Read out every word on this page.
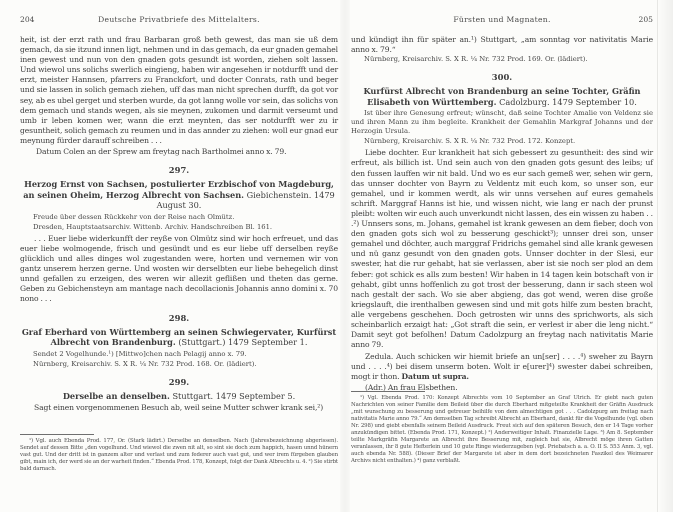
204	Deutsche Privatbriefe des Mittelalters.

heit, ist der erzt rath und frau Barbaran groß beth gewest, das man sie uß dem gemach, da sie itzund innen ligt, nehmen und in das gemach, da eur gnaden gemahel inen gewest und nun von den gnaden gots gesundt ist worden, ziehen solt lassen. Und wiewol uns solichs swerlich eingieng, haben wir angesehen ir notdurfft und der erzt, meister Hannsen, pfarrers zu Franckfort, und docter Conrats, rath und beger und sie lassen in solich gemach ziehen, uff das man nicht sprechen durfft, da got vor sey, ab es ubel gerget und sterben wurde, da got lanng wolle vor sein, das solichs von dem gemach und stands wegen, als sie meynen, zukomen und darmit verseumt und umb ir leben komen wer, wann die erzt meynten, das ser notdurfft wer zu ir gesuntheit, solich gemach zu reumen und in das annder zu ziehen: woll eur gnad eur meynung fürder darauff schreiben . . .

Datum Colen an der Sprew am freytag nach Bartholmei anno x. 79.

297.
Herzog Ernst von Sachsen, postulierter Erzbischof von Magdeburg, an seinen Oheim, Herzog Albrecht von Sachsen. Giebichenstein. 1479 August 30.
Freude über dessen Rückkehr von der Reise nach Olmütz.
Dresden, Hauptstaatsarchiv. Wittenb. Archiv. Handschreiben Bl. 161.

. . . Euer liebe widerkunfft der reyße von Olmütz sind wir hoch erfreuet, und das euer liebe wolmogende, frisch und gesündt und es eur liebe uff derselben reyße glücklich und alles dinges wol zugestanden were, horten und vernemen wir von gantz unserem herzen gerne. Und wosten wir derselbten eur liebe behegelich dinst unnd gefallen zu erzeigen, des weren wir allezit geflißen und theten das gerne. Geben zu Gebichensteyn am mantage nach decollacionis Johannis anno domini x. 70 nono . . .

298.
Graf Eberhard von Württemberg an seinen Schwiegervater, Kurfürst Albrecht von Brandenburg. (Stuttgart.) 1479 September 1.
Sendet 2 Vogelhunde.¹) [Mittwo]chen nach Pelagij anno x. 79.
Nürnberg, Kreisarchiv. S. X R. ¼ Nr. 732 Prod. 168. Or. (lädiert).
299.
Derselbe an denselben. Stuttgart. 1479 September 5.

Sagt einen vorgenommenen Besuch ab, weil seine Mutter schwer krank sei,²)

¹) Vgl. auch Ebenda Prod. 177, Or. (Stark lädirt.) Derselbe an denselben. Nach (Jahresbezeichnung abgerissen). Sendet auf dessen Bitte „den vogelhund. Und wiewol die zwen nit alt, so sint sie doch zum happich, hasen unnd hünern vast gut. Und der dritt ist in ganzem alter und verlast und zum federer auch vast gut, und wer irem fürgeben glauben gibt, main ich, der werd sie an der warheit finden.“ Ebenda Prod. 178, Konzept, folgt der Dank Albrechts u. 4. ²) Sie stirbt bald darnach.
Fürsten und Magnaten.	205

und kündigt ihn für später an.¹) Stuttgart, „am sonntag vor nativitatis Marie anno x. 79.“

Nürnberg, Kreisarchiv. S. X R. ¼ Nr. 732 Prod. 169. Or. (lädiert).
300.
Kurfürst Albrecht von Brandenburg an seine Tochter, Gräfin Elisabeth von Württemberg. Cadolzburg. 1479 September 10.
Ist über ihre Genesung erfreut; wünscht, daß seine Tochter Amalie von Veldenz sie und ihren Mann zu ihm begleite. Krankheit der Gemahlin Markgraf Johanns und der Herzogin Ursula.
Nürnberg, Kreisarchiv. S. X R. ¼ Nr. 732 Prod. 172. Konzept.

Liebe dochter. Eur krankheit hat sich gebessert zu gesuntheit: des sind wir erfreut, als billich ist. Und sein auch von den gnaden gots gesunt des leibs; uf den fussen lauffen wir nit bald. Und wo es eur sach gemeß wer, sehen wir gern, das unnser dochter von Bayrn zu Veldentz mit euch kom, so unser son, eur gemahel, und ir kommen werdt, als wir unns versehen auf eures gemahels schrift. Marggraf Hanns ist hie, und wissen nicht, wie lang er nach der prunst pleibt: wolten wir euch auch unverkundt nicht lassen, des ein wissen zu haben . . .²) Unnsers sons, m. Johans, gemahel ist krank gewesen an dem fieber, doch von den gnaden gots sich wol zu besserung geschickt³); unnser drei son, unser gemahel und döchter, auch marggraf Fridrichs gemahel sind alle krank gewesen und nü ganz gesundt von den gnaden gots. Unnser dochter in der Slesi, eur swester, hat die rur gehabt, hat sie verlassen, aber ist sie noch ser plod an dem feber: got schick es alls zum besten! Wir haben in 14 tagen kein botschaft von ir gehabt, gibt unns hoffenlich zu got trost der besserung, dann ir sach steen wol nach gestalt der sach. Wo sie aber abgieng, das got wend, weren dise große kriegslauft, die irenthalben gewesen sind und mit gots hilfe zum besten bracht, alle vergebens geschehen. Doch getrosten wir unns des sprichworts, als sich scheinbarlich erzaigt hat: „Got straft die sein, er verlest ir aber die leng nicht.“ Damit seyt got befolhen! Datum Cadolzpurg an freytag nach nativitatis Marie anno 79.

Zedula. Auch schicken wir hiemit briefe an un[ser] . . . .⁴) sweher zu Bayrn und . . . .⁴) bei disem unserm boten. Wolt ir e[urer]⁴) swester dabei schreiben, mogt ir thon. Datum ut supra.

(Adr.) An frau Elsbethen.

¹) Vgl. Ebenda Prod. 170: Konzept Albrechts vom 10 September an Graf Ulrich. Er giebt nach guten Nachrichten von seiner Familie dem Beileid über die durch Eberhard mitgeteilte Krankheit der Gräfin Ausdruck „mit wunschung zu besserung und getreuer beihilfe von dem almechtigen got . . . Cadolzpurg am freitag nach nativitatis Marie anno 79.“ Am demselben Tag schreibt Albrecht an Eberhard, dankt für die Vogelhunde (vgl. oben Nr. 298) und giebt ebenfalls seinem Beileid Ausdruck. Freut sich auf den späteren Besuch, den er 14 Tage vorher anzukündigen bittet. (Ebenda Prod. 171, Konzept.) ²) Anderweitiger Inhalt. Finanzielle Lage. ³) Am 8. September teilte Markgräfin Margarete an Albrecht ihre Besserung mit, zugleich bat sie, Albrecht möge ihren Gatten veranlassen, ihr 8 gute Hefterlein und 10 gute Ringe wiederzugeben (vgl. Priebatsch a. a. O. II S. 553 Anm. 3, vgl. auch ebenda Nr. 588). (Dieser Brief der Margarete ist aber in dem dort bezeichneten Faszikel des Weimarer Archivs nicht enthalten.) ⁴) ganz verblaßt.
